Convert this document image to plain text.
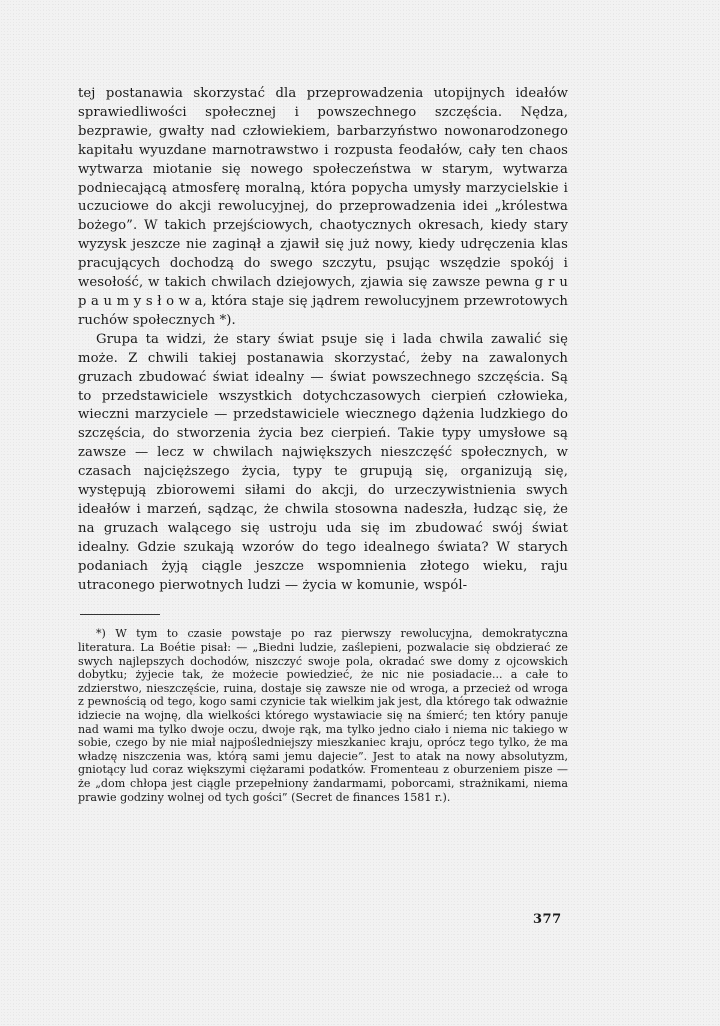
tej postanawia skorzystać dla przeprowadzenia utopijnych ideałów sprawiedliwości społecznej i powszechnego szczęścia. Nędza, bezprawie, gwałty nad człowiekiem, barbarzyństwo nowonarodzonego kapitału wyuzdane marnotrawstwo i rozpusta feodałów, cały ten chaos wytwarza miotanie się nowego społeczeństwa w starym, wytwarza podniecającą atmosferę moralną, która popycha umysły marzycielskie i uczuciowe do akcji rewolucyjnej, do przeprowadzenia idei „królestwa bożego”. W takich przejściowych, chaotycznych okresach, kiedy stary wyzysk jeszcze nie zaginął a zjawił się już nowy, kiedy udręczenia klas pracujących dochodzą do swego szczytu, psując wszędzie spokój i wesołość, w takich chwilach dziejowych, zjawia się zawsze pewna g r u p a u m y s ł o w a, która staje się jądrem rewolucyjnem przewrotowych ruchów społecznych *).

Grupa ta widzi, że stary świat psuje się i lada chwila zawalić się może. Z chwili takiej postanawia skorzystać, żeby na zawalonych gruzach zbudować świat idealny — świat powszechnego szczęścia. Są to przedstawiciele wszystkich dotychczasowych cierpień człowieka, wieczni marzyciele — przedstawiciele wiecznego dążenia ludzkiego do szczęścia, do stworzenia życia bez cierpień. Takie typy umysłowe są zawsze — lecz w chwilach największych nieszczęść społecznych, w czasach najcięższego życia, typy te grupują się, organizują się, występują zbiorowemi siłami do akcji, do urzeczywistnienia swych ideałów i marzeń, sądząc, że chwila stosowna nadeszła, łudząc się, że na gruzach walącego się ustroju uda się im zbudować swój świat idealny. Gdzie szukają wzorów do tego idealnego świata? W starych podaniach żyją ciągle jeszcze wspomnienia złotego wieku, raju utraconego pierwotnych ludzi — życia w komunie, wspól-

*) W tym to czasie powstaje po raz pierwszy rewolucyjna, demokratyczna literatura. La Boétie pisał: — „Biedni ludzie, zaślepieni, pozwalacie się obdzierać ze swych najlepszych dochodów, niszczyć swoje pola, okradać swe domy z ojcowskich dobytku; żyjecie tak, że możecie powiedzieć, że nic nie posiadacie... a całe to zdzierstwo, nieszczęście, ruina, dostaje się zawsze nie od wroga, a przecież od wroga z pewnością od tego, kogo sami czynicie tak wielkim jak jest, dla którego tak odważnie idziecie na wojnę, dla wielkości którego wystawiacie się na śmierć; ten który panuje nad wami ma tylko dwoje oczu, dwoje rąk, ma tylko jedno ciało i niema nic takiego w sobie, czego by nie miał najpośledniejszy mieszkaniec kraju, oprócz tego tylko, że ma władzę niszczenia was, którą sami jemu dajecie”. Jest to atak na nowy absolutyzm, gniotący lud coraz większymi ciężarami podatków. Fromenteau z oburzeniem pisze — że „dom chłopa jest ciągle przepełniony żandarmami, poborcami, strażnikami, niema prawie godziny wolnej od tych gości” (Secret de finances 1581 r.).

377
